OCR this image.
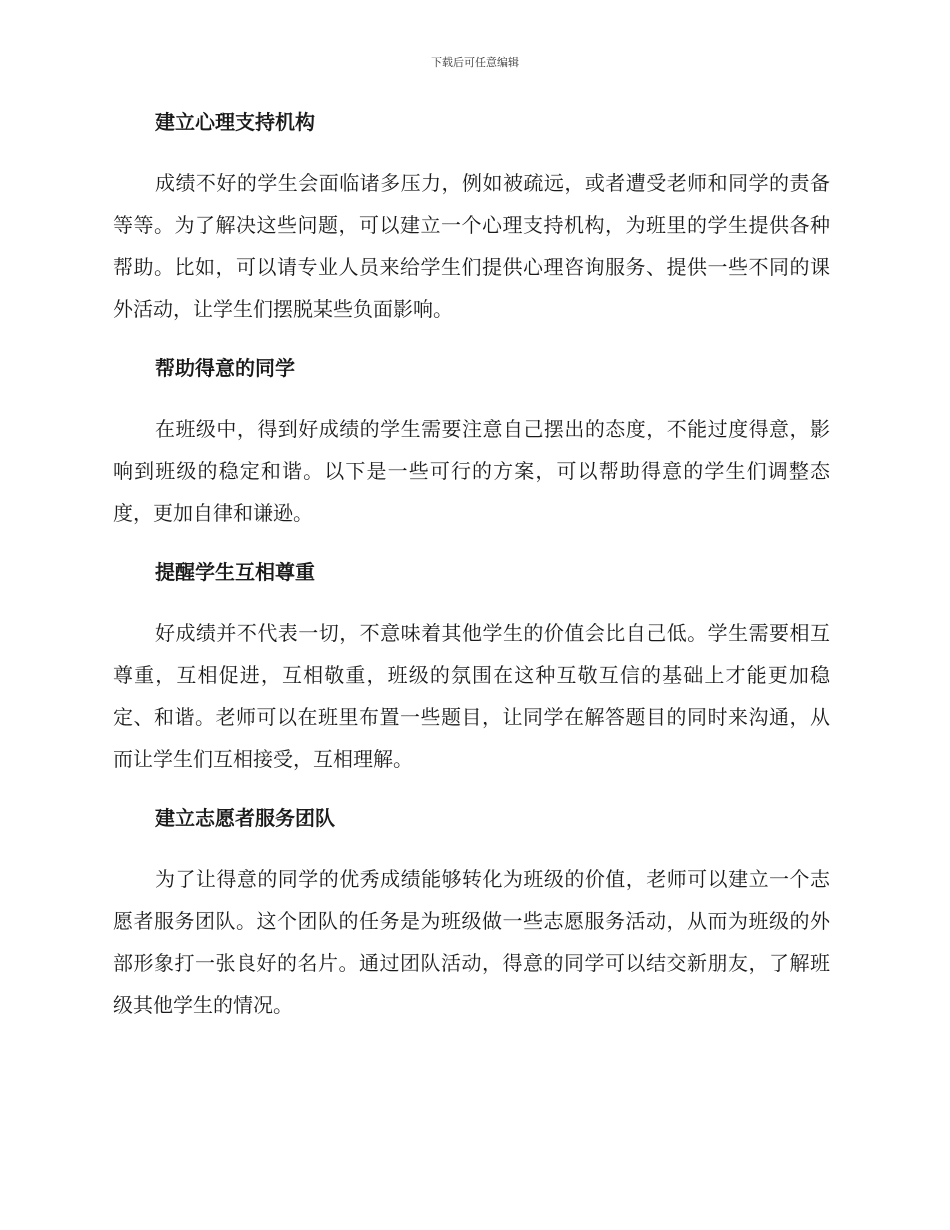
下载后可任意编辑
建立心理支持机构

成绩不好的学生会面临诸多压力，例如被疏远，或者遭受老师和同学的责备等等。为了解决这些问题，可以建立一个心理支持机构，为班里的学生提供各种帮助。比如，可以请专业人员来给学生们提供心理咨询服务、提供一些不同的课外活动，让学生们摆脱某些负面影响。

帮助得意的同学

在班级中，得到好成绩的学生需要注意自己摆出的态度，不能过度得意，影响到班级的稳定和谐。以下是一些可行的方案，可以帮助得意的学生们调整态度，更加自律和谦逊。

提醒学生互相尊重

好成绩并不代表一切，不意味着其他学生的价值会比自己低。学生需要相互尊重，互相促进，互相敬重，班级的氛围在这种互敬互信的基础上才能更加稳定、和谐。老师可以在班里布置一些题目，让同学在解答题目的同时来沟通，从而让学生们互相接受，互相理解。

建立志愿者服务团队

为了让得意的同学的优秀成绩能够转化为班级的价值，老师可以建立一个志愿者服务团队。这个团队的任务是为班级做一些志愿服务活动，从而为班级的外部形象打一张良好的名片。通过团队活动，得意的同学可以结交新朋友，了解班级其他学生的情况。
